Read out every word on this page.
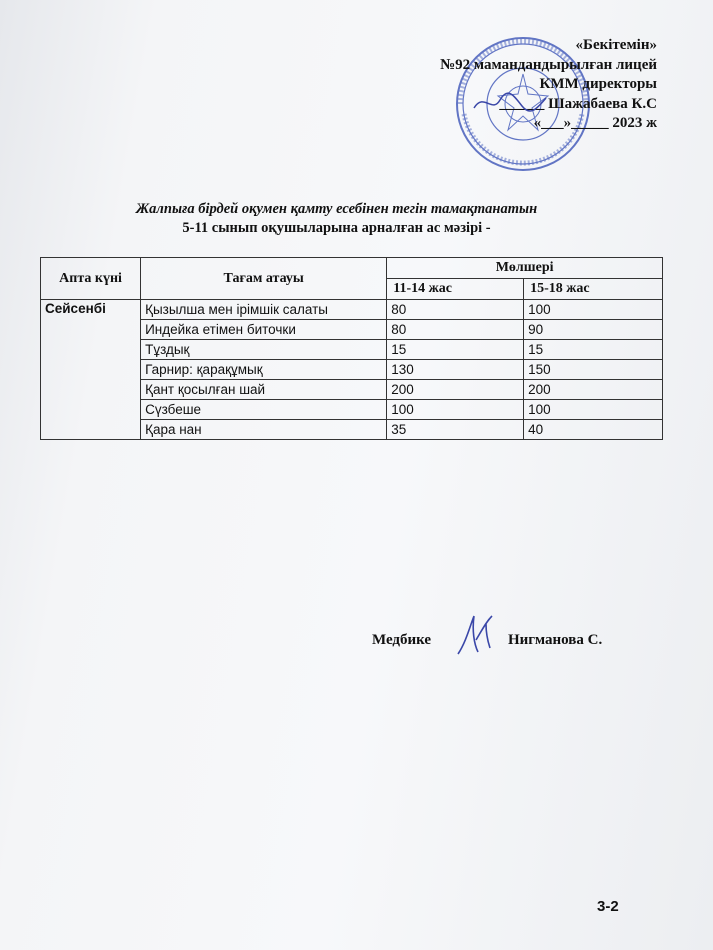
«Бекітемін»
№92 мамандандырылған лицей
КММ директоры
______ Шажабаева К.С
«___»_____ 2023 ж
Жалпыға бірдей оқумен қамту есебінен тегін тамақтанатын
5-11 сынып оқушыларына арналған ас мәзірі -
Апта күні	Тағам атауы	Мөлшері	
		11-14 жас	15-18 жас
Сейсенбі	Қызылша мен ірімшік салаты	80	100
	Индейка етімен биточки	80	90
	Тұздық	15	15
	Гарнир: қарақұмық	130	150
	Қант қосылған шай	200	200
	Сүзбеше	100	100
	Қара нан	35	40
Медбике	Нигманова С.
3-2
